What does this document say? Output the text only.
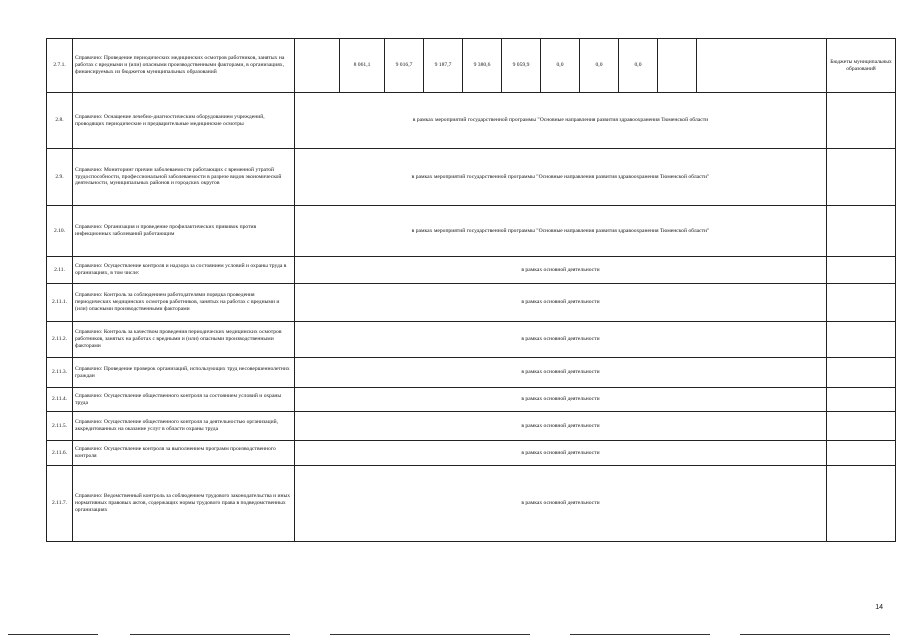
2.7.1.	Справочно: Проведение периодических медицинских осмотров работников, занятых на работах с вредными и (или) опасными производственными факторами, в организациях, финансируемых из бюджетов муниципальных образований		8 061,1	9 016,7	9 187,7	9 380,6	9 059,9	0,0	0,0	0,0			Бюджеты муниципальных образований	
2.8.	Справочно: Оснащение лечебно-диагностическим оборудованием учреждений, проводящих периодические и предварительные медицинские осмотры	в рамках мероприятий государственной программы "Основные направления развития здравоохранения Тюменской области		
2.9.	Справочно: Мониторинг причин заболеваемости работающих с временной утратой трудоспособности, профессиональной заболеваемости в разрезе видов экономической деятельности, муниципальных районов и городских округов	в рамках мероприятий государственной программы "Основные направления развития здравоохранения Тюменской области"		
2.10.	Справочно: Организация и проведение профилактических прививок против инфекционных заболеваний работающим	в рамках мероприятий государственной программы "Основные направления развития здравоохранения Тюменской области"		
2.11.	Справочно: Осуществление контроля и надзора за состоянием условий и охраны труда в организациях, в том числе:	в рамках основной деятельности												
2.11.1.	Справочно: Контроль за соблюдением работодателями порядка проведения периодических медицинских осмотров работников, занятых на работах с вредными и (или) опасными производственными факторами	в рамках основной деятельности		
2.11.2.	Справочно: Контроль за качеством проведения периодических медицинских осмотров работников, занятых на работах с вредными и (или) опасными производственными факторами	в рамках основной деятельности		
2.11.3.	Справочно: Проведение проверок организаций, использующих труд несовершеннолетних граждан	в рамках основной деятельности		
2.11.4.	Справочно: Осуществление общественного контроля за состоянием условий и охраны труда	в рамках основной деятельности		
2.11.5.	Справочно: Осуществление общественного контроля за деятельностью организаций, аккредитованных на оказание услуг в области охраны труда	в рамках основной деятельности		
2.11.6.	Справочно: Осуществление контроля за выполнением программ производственного контроля	в рамках основной деятельности		
2.11.7.	Справочно: Ведомственный контроль за соблюдением трудового законодательства и иных нормативных правовых актов, содержащих нормы трудового права в подведомственных организациях	в рамках основной деятельности		
14
